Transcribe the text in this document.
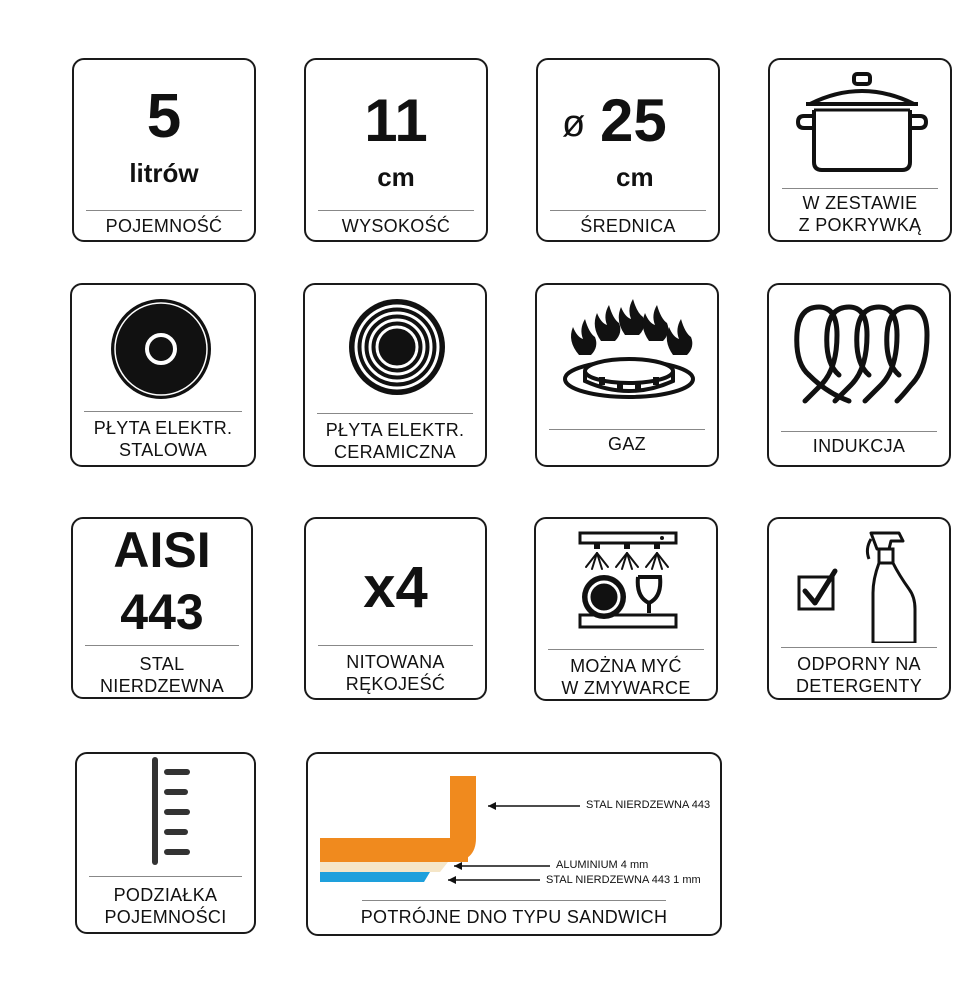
5
litrów
POJEMNOŚĆ
11
cm
WYSOKOŚĆ
ø 25
cm
ŚREDNICA
W ZESTAWIE
Z POKRYWKĄ
PŁYTA ELEKTR.
STALOWA
PŁYTA ELEKTR.
CERAMICZNA	GAZ	INDUKCJA
AISI
443
STAL
NIERDZEWNA
x4
NITOWANA
RĘKOJEŚĆ
MOŻNA MYĆ
W ZMYWARCE
ODPORNY NA
DETERGENTY
PODZIAŁKA
POJEMNOŚCI
STAL NIERDZEWNA 443
ALUMINIUM 4 mm
STAL NIERDZEWNA 443 1 mm
POTRÓJNE DNO TYPU SANDWICH
